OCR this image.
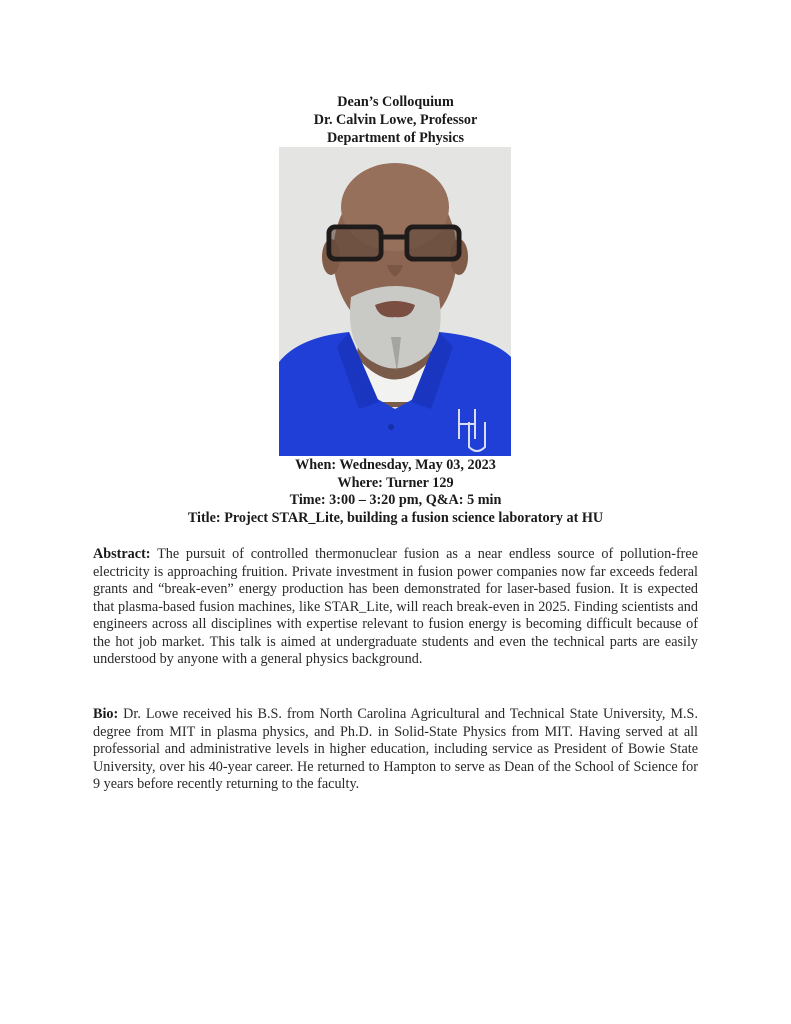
Dean’s Colloquium
Dr. Calvin Lowe, Professor
Department of Physics
When: Wednesday, May 03, 2023
Where: Turner 129
Time: 3:00 – 3:20 pm, Q&A: 5 min
Title: Project STAR_Lite, building a fusion science laboratory at HU

Abstract: The pursuit of controlled thermonuclear fusion as a near endless source of pollution-free electricity is approaching fruition. Private investment in fusion power companies now far exceeds federal grants and “break-even” energy production has been demonstrated for laser-based fusion. It is expected that plasma-based fusion machines, like STAR_Lite, will reach break-even in 2025. Finding scientists and engineers across all disciplines with expertise relevant to fusion energy is becoming difficult because of the hot job market. This talk is aimed at undergraduate students and even the technical parts are easily understood by anyone with a general physics background.

Bio: Dr. Lowe received his B.S. from North Carolina Agricultural and Technical State University, M.S. degree from MIT in plasma physics, and Ph.D. in Solid-State Physics from MIT. Having served at all professorial and administrative levels in higher education, including service as President of Bowie State University, over his 40-year career. He returned to Hampton to serve as Dean of the School of Science for 9 years before recently returning to the faculty.
